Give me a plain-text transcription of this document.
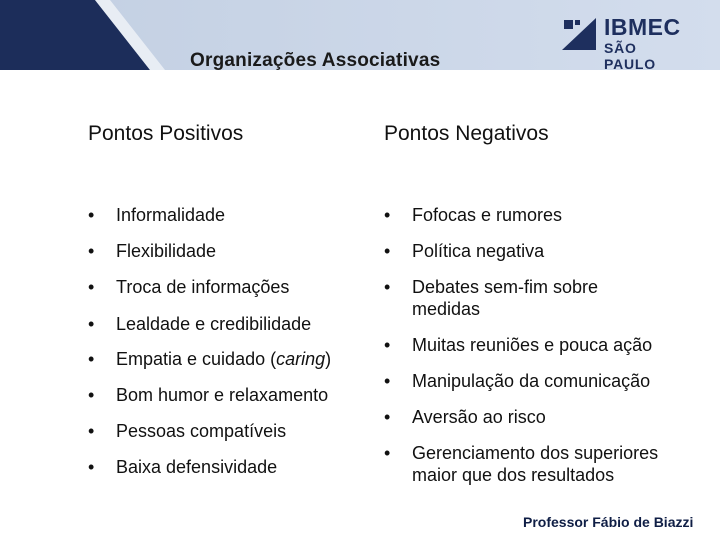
Organizações Associativas
IBMEC
SÃO PAULO
Pontos Positivos
• Informalidade
• Flexibilidade
• Troca de informações
• Lealdade e credibilidade
• Empatia e cuidado (caring)
• Bom humor e relaxamento
• Pessoas compatíveis
• Baixa defensividade
Pontos Negativos
• Fofocas e rumores
• Política negativa
• Debates sem-fim sobre
medidas
• Muitas reuniões e pouca ação
• Manipulação da comunicação
• Aversão ao risco
• Gerenciamento dos superiores
maior que dos resultados
Professor Fábio de Biazzi
